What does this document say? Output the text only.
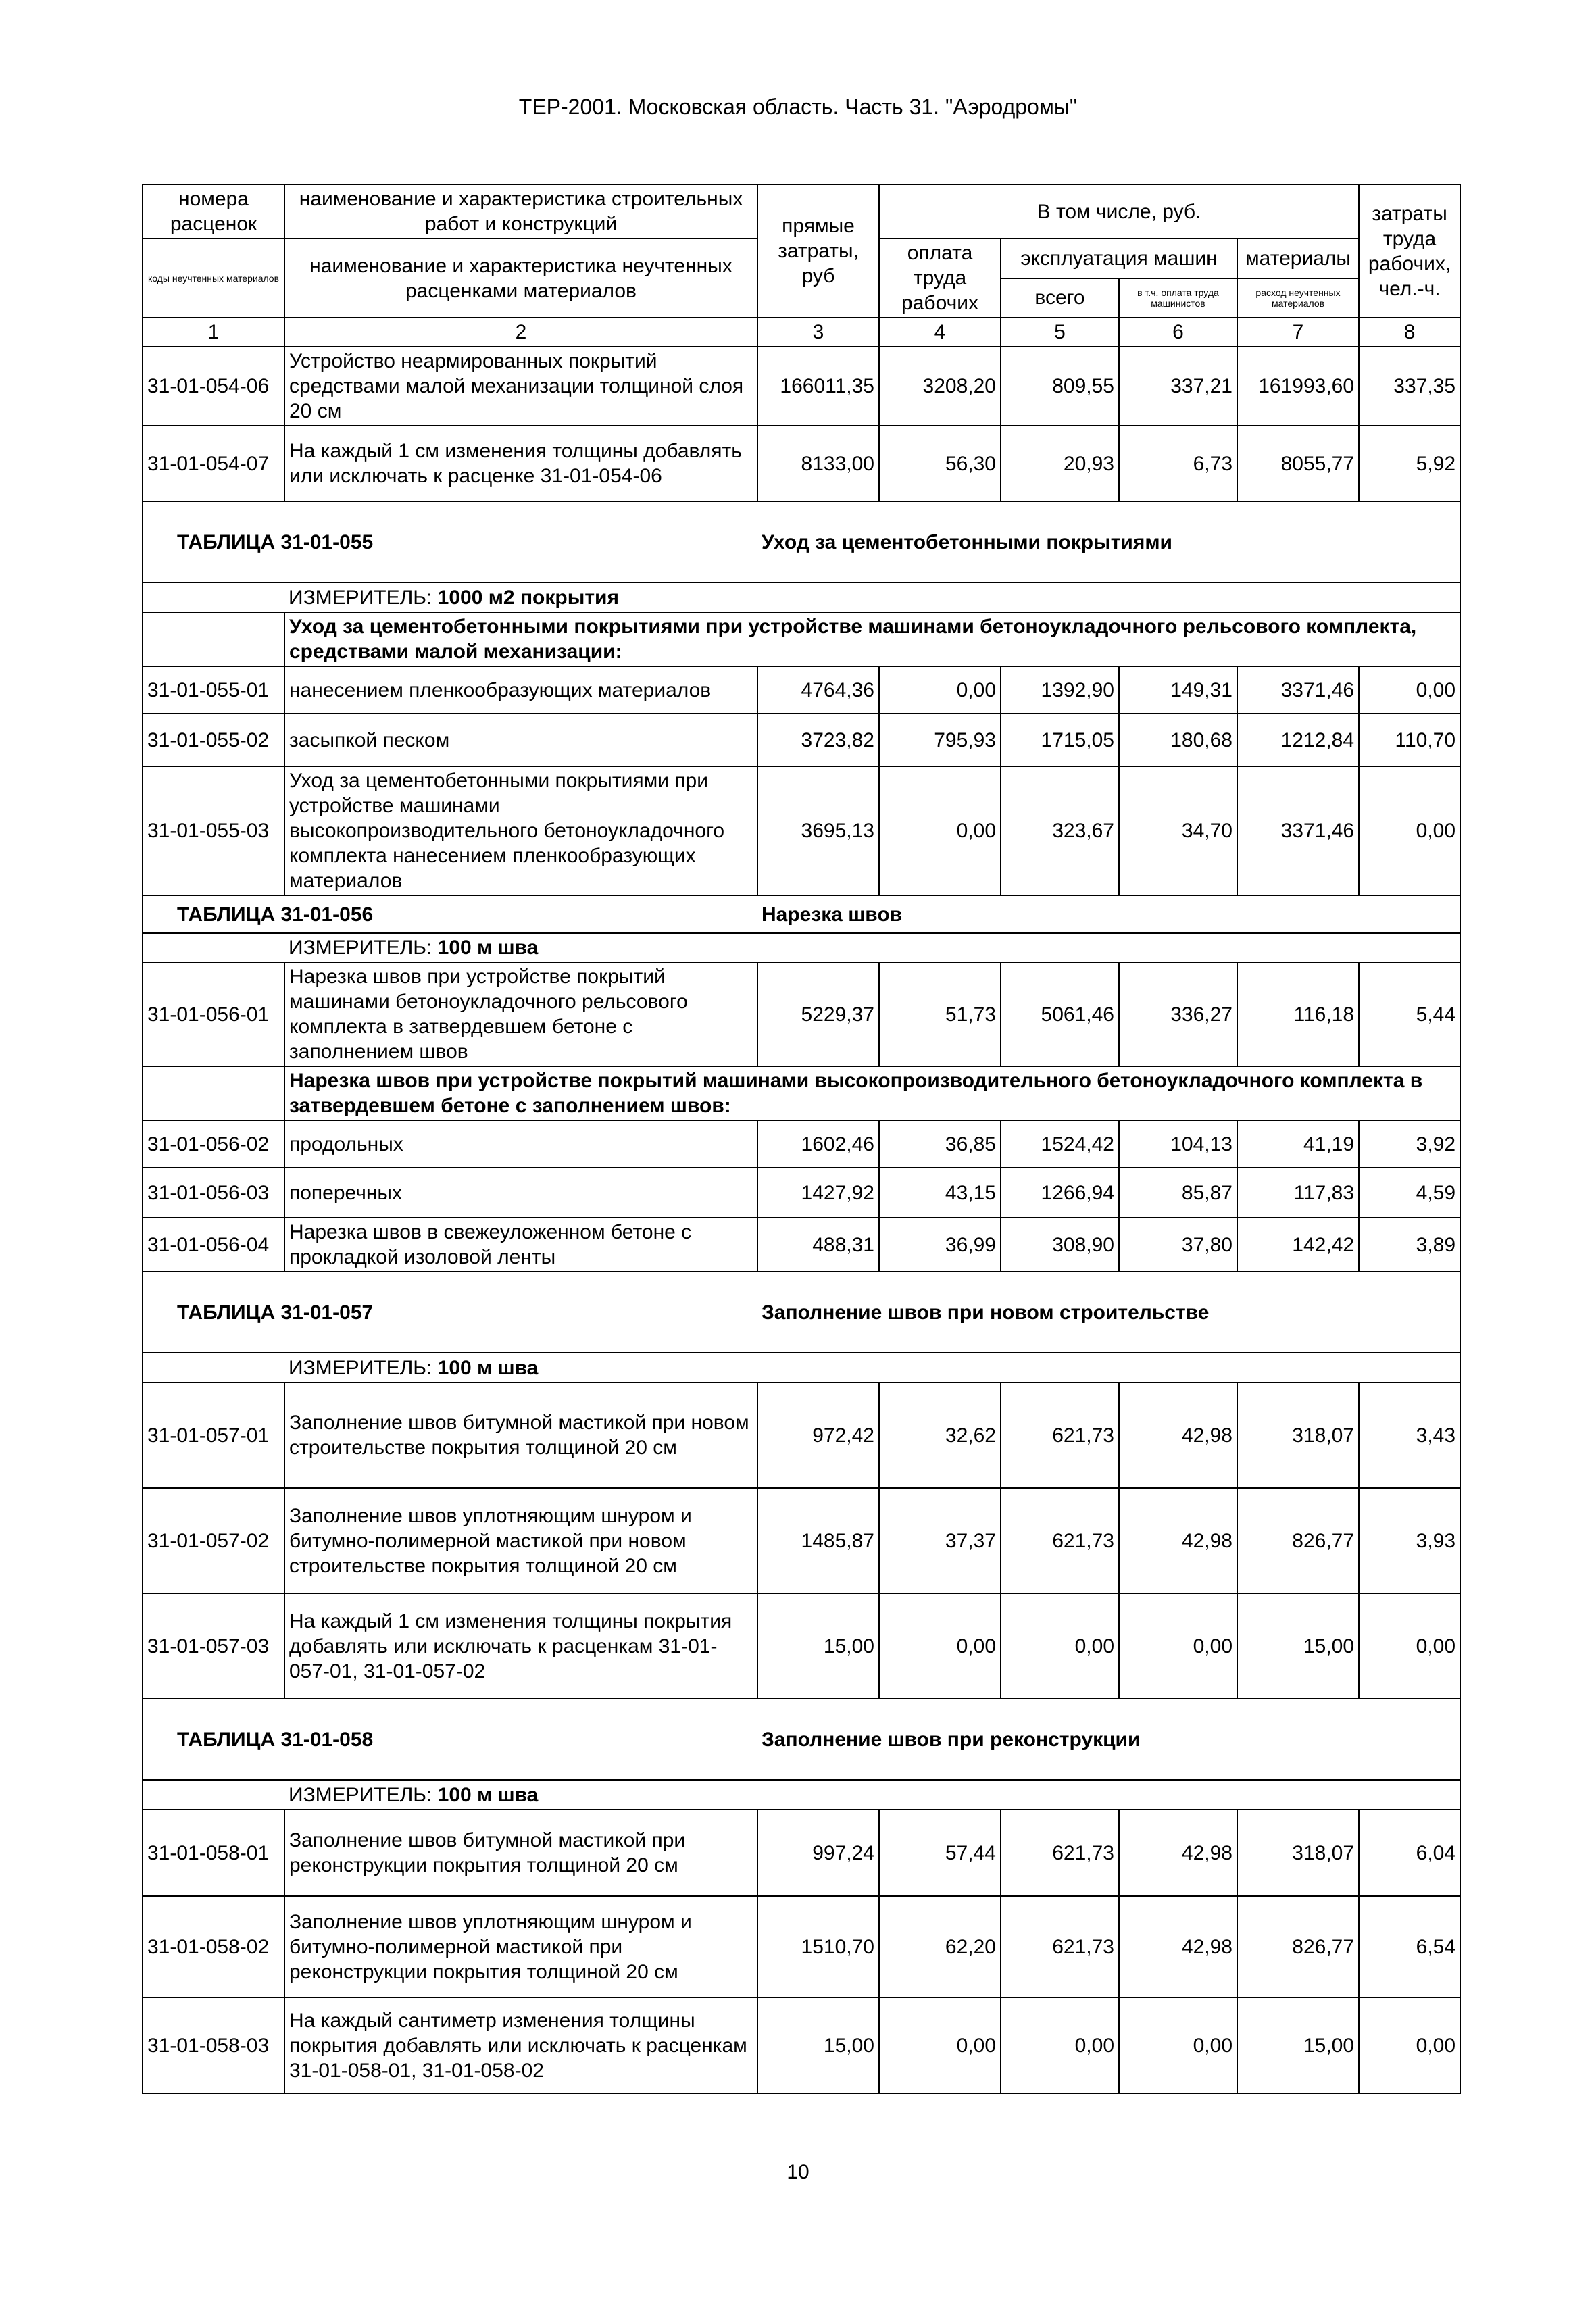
ТЕР-2001. Московская область. Часть 31. "Аэродромы"
номера расценок	наименование и характеристика строительных работ и конструкций	прямые затраты, руб	В том числе, руб.				затраты труда рабочих, чел.-ч.
коды неучтенных материалов	наименование и характеристика неучтенных расценками материалов		оплата труда рабочих	эксплуатация машин		материалы	
				всего	в т.ч. оплата труда машинистов	расход неучтенных материалов	
1	2	3	4	5	6	7	8
31-01-054-06	Устройство неармированных покрытий средствами малой механизации толщиной слоя 20 см	166011,35	3208,20	809,55	337,21	161993,60	337,35
31-01-054-07	На каждый 1 см изменения толщины добавлять или исключать к расценке 31-01-054-06	8133,00	56,30	20,93	6,73	8055,77	5,92
ТАБЛИЦА 31-01-055		Уход за цементобетонными покрытиями					
	ИЗМЕРИТЕЛЬ: 1000 м2 покрытия						
	Уход за цементобетонными покрытиями при устройстве машинами бетоноукладочного рельсового комплекта, средствами малой механизации:						
31-01-055-01	нанесением пленкообразующих материалов	4764,36	0,00	1392,90	149,31	3371,46	0,00
31-01-055-02	засыпкой песком	3723,82	795,93	1715,05	180,68	1212,84	110,70
31-01-055-03	Уход за цементобетонными покрытиями при устройстве машинами высокопроизводительного бетоноукладочного комплекта нанесением пленкообразующих материалов	3695,13	0,00	323,67	34,70	3371,46	0,00
ТАБЛИЦА 31-01-056		Нарезка швов					
	ИЗМЕРИТЕЛЬ: 100 м шва						
31-01-056-01	Нарезка швов при устройстве покрытий машинами бетоноукладочного рельсового комплекта в затвердевшем бетоне с заполнением швов	5229,37	51,73	5061,46	336,27	116,18	5,44
	Нарезка швов при устройстве покрытий машинами высокопроизводительного бетоноукладочного комплекта в затвердевшем бетоне с заполнением швов:						
31-01-056-02	продольных	1602,46	36,85	1524,42	104,13	41,19	3,92
31-01-056-03	поперечных	1427,92	43,15	1266,94	85,87	117,83	4,59
31-01-056-04	Нарезка швов в свежеуложенном бетоне с прокладкой изоловой ленты	488,31	36,99	308,90	37,80	142,42	3,89
ТАБЛИЦА 31-01-057		Заполнение швов при новом строительстве					
	ИЗМЕРИТЕЛЬ: 100 м шва						
31-01-057-01	Заполнение швов битумной мастикой при новом строительстве покрытия толщиной 20 см	972,42	32,62	621,73	42,98	318,07	3,43
31-01-057-02	Заполнение швов уплотняющим шнуром и битумно-полимерной мастикой при новом строительстве покрытия толщиной 20 см	1485,87	37,37	621,73	42,98	826,77	3,93
31-01-057-03	На каждый 1 см изменения толщины покрытия добавлять или исключать к расценкам 31-01-057-01, 31-01-057-02	15,00	0,00	0,00	0,00	15,00	0,00
ТАБЛИЦА 31-01-058		Заполнение швов при реконструкции					
	ИЗМЕРИТЕЛЬ: 100 м шва						
31-01-058-01	Заполнение швов битумной мастикой при реконструкции покрытия толщиной 20 см	997,24	57,44	621,73	42,98	318,07	6,04
31-01-058-02	Заполнение швов уплотняющим шнуром и битумно-полимерной мастикой при реконструкции покрытия толщиной 20 см	1510,70	62,20	621,73	42,98	826,77	6,54
31-01-058-03	На каждый сантиметр изменения толщины покрытия добавлять или исключать к расценкам 31-01-058-01, 31-01-058-02	15,00	0,00	0,00	0,00	15,00	0,00
10
